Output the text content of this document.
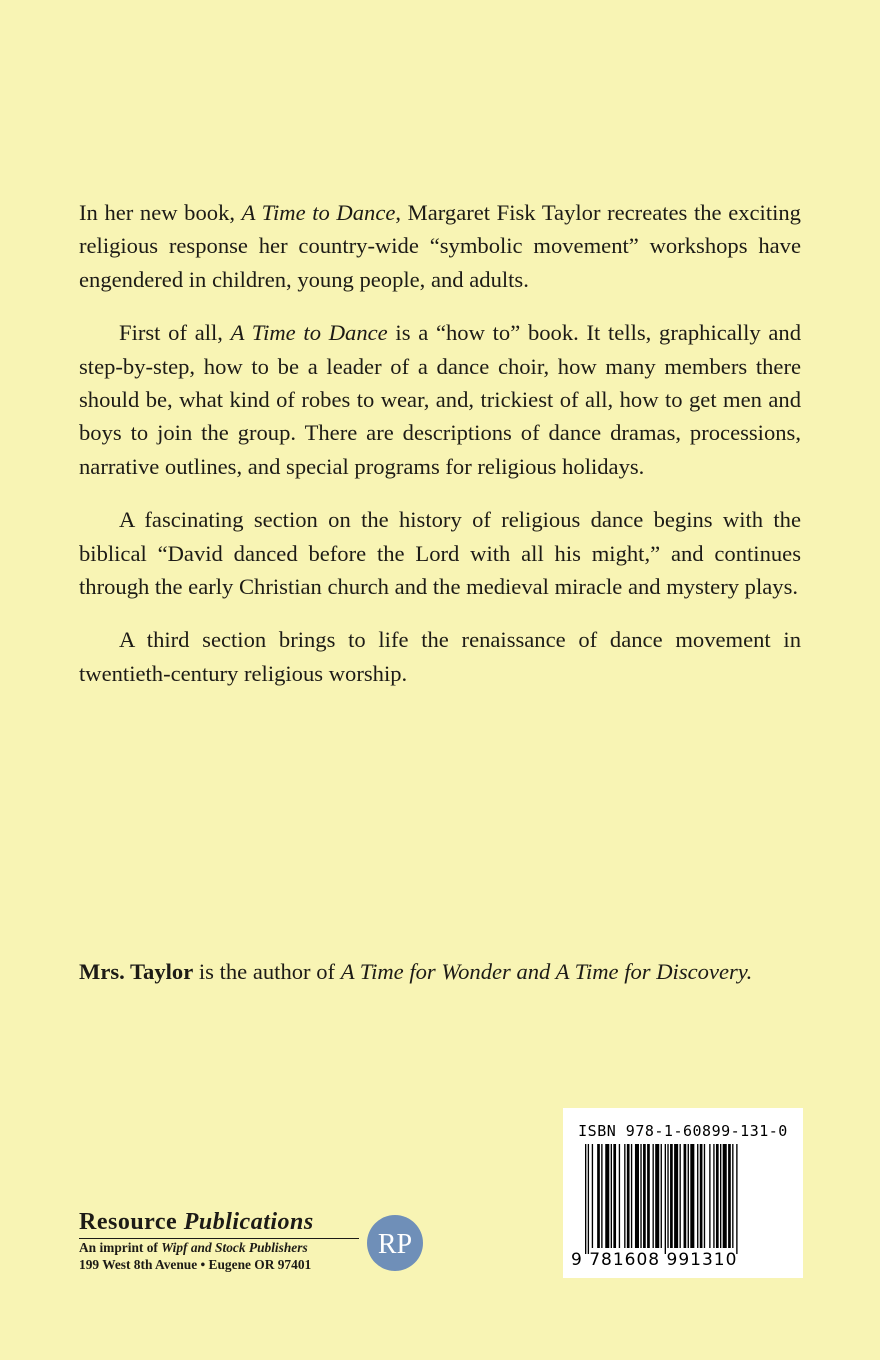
In her new book, A Time to Dance, Margaret Fisk Taylor recreates the exciting religious response her country-wide “symbolic movement” workshops have engendered in children, young people, and adults.

First of all, A Time to Dance is a “how to” book. It tells, graphically and step-by-step, how to be a leader of a dance choir, how many members there should be, what kind of robes to wear, and, trickiest of all, how to get men and boys to join the group. There are descriptions of dance dramas, processions, narrative outlines, and special programs for religious holidays.

A fascinating section on the history of religious dance begins with the biblical “David danced before the Lord with all his might,” and continues through the early Christian church and the medieval miracle and mystery plays.

A third section brings to life the renaissance of dance movement in twentieth-century religious worship.

Mrs. Taylor is the author of A Time for Wonder and A Time for Discovery.
ISBN 978-1-60899-131-0
9 781608 991310
Resource Publications
An imprint of Wipf and Stock Publishers
199 West 8th Avenue • Eugene OR 97401
RP
